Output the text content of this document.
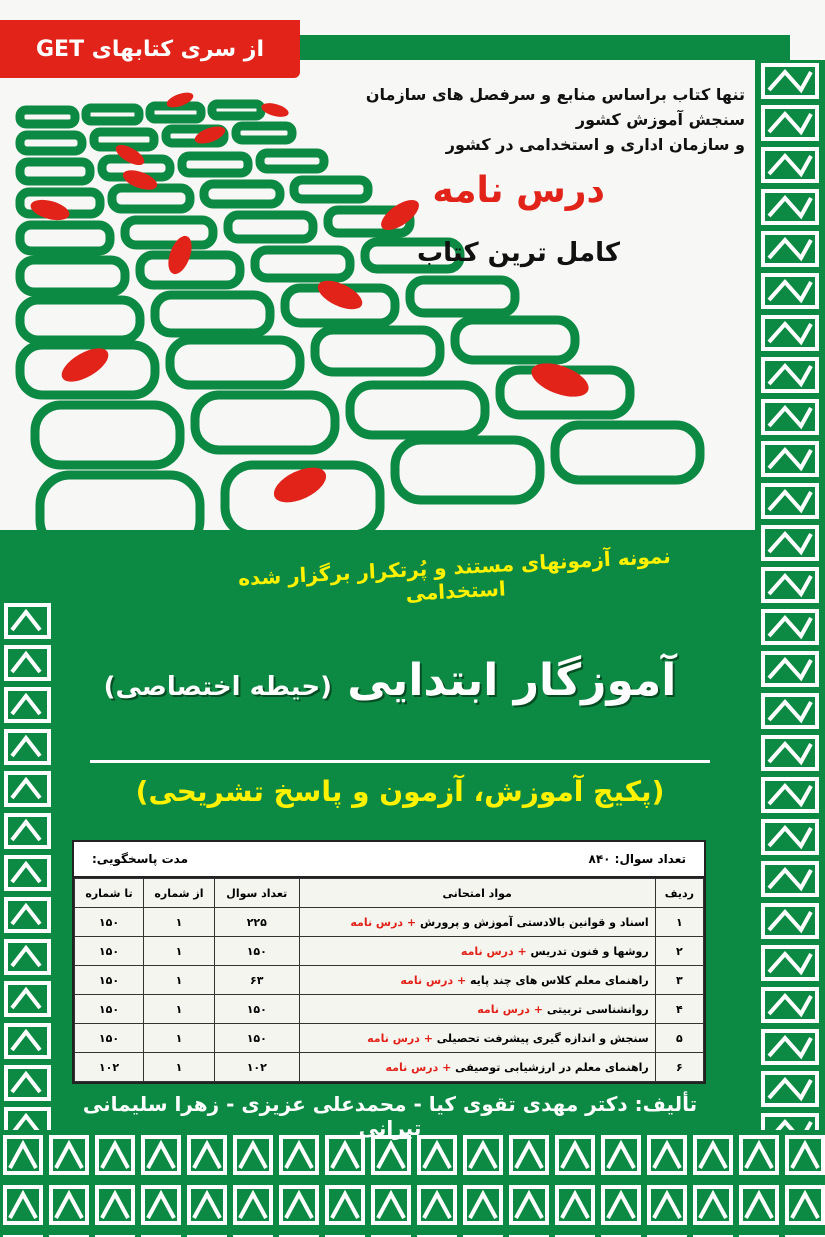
از سری کتابهای GET
تنها کتاب براساس منابع و سرفصل های سازمان سنجش آموزش کشور
و سازمان اداری و استخدامی در کشور
درس نامه
کامل ترین کتاب
نمونه آزمونهای مستند و پُرتکرار برگزار شده استخدامی
آموزگار ابتدایی (حیطه اختصاصی)
(پکیج آموزش، آزمون و پاسخ تشریحی)
تعداد سوال: ۸۴۰
مدت پاسخگویی:
ردیف	مواد امتحانی	تعداد سوال	از شماره	تا شماره
۱	اسناد و قوانین بالادستی آموزش و پرورش + درس نامه	۲۲۵	۱	۱۵۰
۲	روشها و فنون تدریس + درس نامه	۱۵۰	۱	۱۵۰
۳	راهنمای معلم کلاس های چند پایه + درس نامه	۶۳	۱	۱۵۰
۴	روانشناسی تربیتی + درس نامه	۱۵۰	۱	۱۵۰
۵	سنجش و اندازه گیری پیشرفت تحصیلی + درس نامه	۱۵۰	۱	۱۵۰
۶	راهنمای معلم در ارزشیابی توصیفی + درس نامه	۱۰۲	۱	۱۰۲
تألیف: دکتر مهدی تقوی کیا - محمدعلی عزیزی - زهرا سلیمانی تیرانی
